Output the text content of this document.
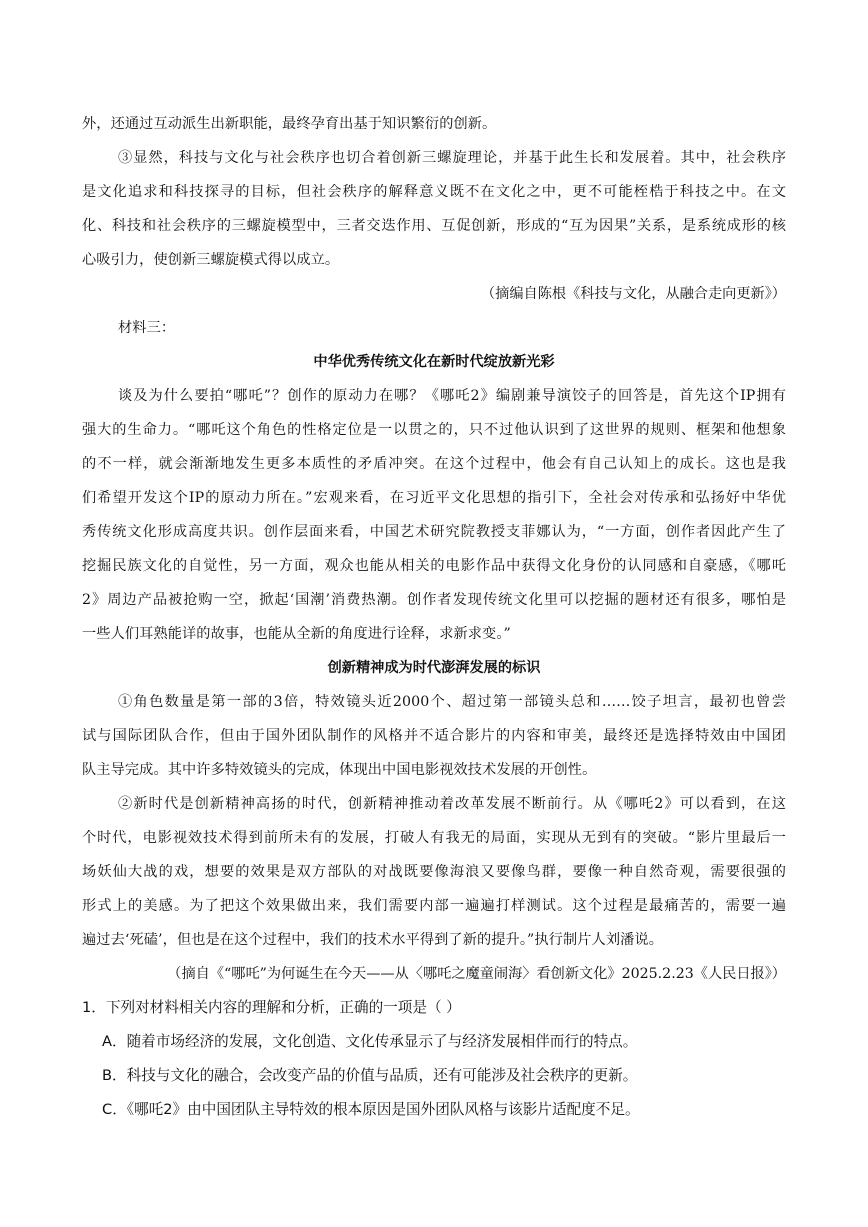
外，还通过互动派生出新职能，最终孕育出基于知识繁衍的创新。
③显然，科技与文化与社会秩序也切合着创新三螺旋理论，并基于此生长和发展着。其中，社会秩序
是文化追求和科技探寻的目标，但社会秩序的解释意义既不在文化之中，更不可能桎梏于科技之中。在文
化、科技和社会秩序的三螺旋模型中，三者交迭作用、互促创新，形成的“互为因果”关系，是系统成形的核
心吸引力，使创新三螺旋模式得以成立。
（摘编自陈根《科技与文化，从融合走向更新》）
材料三：
中华优秀传统文化在新时代绽放新光彩
谈及为什么要拍“哪吒”？创作的原动力在哪？《哪吒2》编剧兼导演饺子的回答是，首先这个IP拥有
强大的生命力。“哪吒这个角色的性格定位是一以贯之的，只不过他认识到了这世界的规则、框架和他想象
的不一样，就会渐渐地发生更多本质性的矛盾冲突。在这个过程中，他会有自己认知上的成长。这也是我
们希望开发这个IP的原动力所在。”宏观来看，在习近平文化思想的指引下，全社会对传承和弘扬好中华优
秀传统文化形成高度共识。创作层面来看，中国艺术研究院教授支菲娜认为，“一方面，创作者因此产生了
挖掘民族文化的自觉性，另一方面，观众也能从相关的电影作品中获得文化身份的认同感和自豪感，《哪吒
2》周边产品被抢购一空，掀起‘国潮’消费热潮。创作者发现传统文化里可以挖掘的题材还有很多，哪怕是
一些人们耳熟能详的故事，也能从全新的角度进行诠释，求新求变。”
创新精神成为时代澎湃发展的标识
①角色数量是第一部的3倍，特效镜头近2000个、超过第一部镜头总和……饺子坦言，最初也曾尝
试与国际团队合作，但由于国外团队制作的风格并不适合影片的内容和审美，最终还是选择特效由中国团
队主导完成。其中许多特效镜头的完成，体现出中国电影视效技术发展的开创性。
②新时代是创新精神高扬的时代，创新精神推动着改革发展不断前行。从《哪吒2》可以看到，在这
个时代，电影视效技术得到前所未有的发展，打破人有我无的局面，实现从无到有的突破。“影片里最后一
场妖仙大战的戏，想要的效果是双方部队的对战既要像海浪又要像鸟群，要像一种自然奇观，需要很强的
形式上的美感。为了把这个效果做出来，我们需要内部一遍遍打样测试。这个过程是最痛苦的，需要一遍
遍过去‘死磕’，但也是在这个过程中，我们的技术水平得到了新的提升。”执行制片人刘潘说。
（摘自《“哪吒”为何诞生在今天——从〈哪吒之魔童闹海〉看创新文化》2025.2.23《人民日报》）
1．下列对材料相关内容的理解和分析，正确的一项是（ ）
A．随着市场经济的发展，文化创造、文化传承显示了与经济发展相伴而行的特点。
B．科技与文化的融合，会改变产品的价值与品质，还有可能涉及社会秩序的更新。
C．《哪吒2》由中国团队主导特效的根本原因是国外团队风格与该影片适配度不足。
